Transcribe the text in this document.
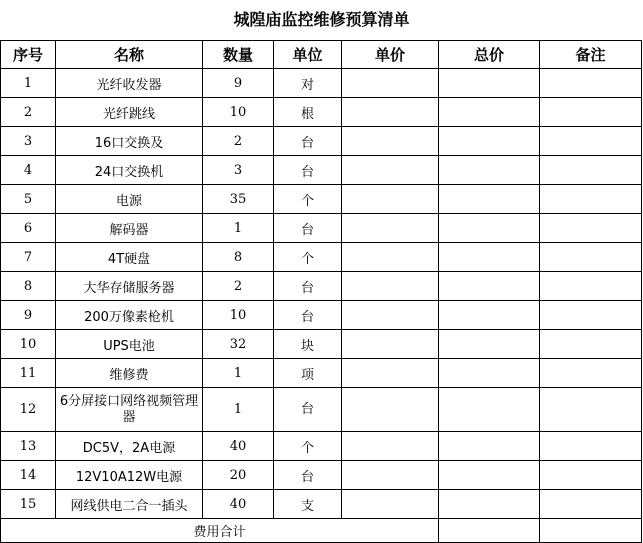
城隍庙监控维修预算清单
序号	名称	数量	单位	单价	总价	备注
1	光纤收发器	9	对			
2	光纤跳线	10	根			
3	16口交换及	2	台			
4	24口交换机	3	台			
5	电源	35	个			
6	解码器	1	台			
7	4T硬盘	8	个			
8	大华存储服务器	2	台			
9	200万像素枪机	10	台			
10	UPS电池	32	块			
11	维修费	1	项			
12	6分屏接口网络视频管理器	1	台			
13	DC5V，2A电源	40	个			
14	12V10A12W电源	20	台			
15	网线供电二合一插头	40	支			
费用合计						
